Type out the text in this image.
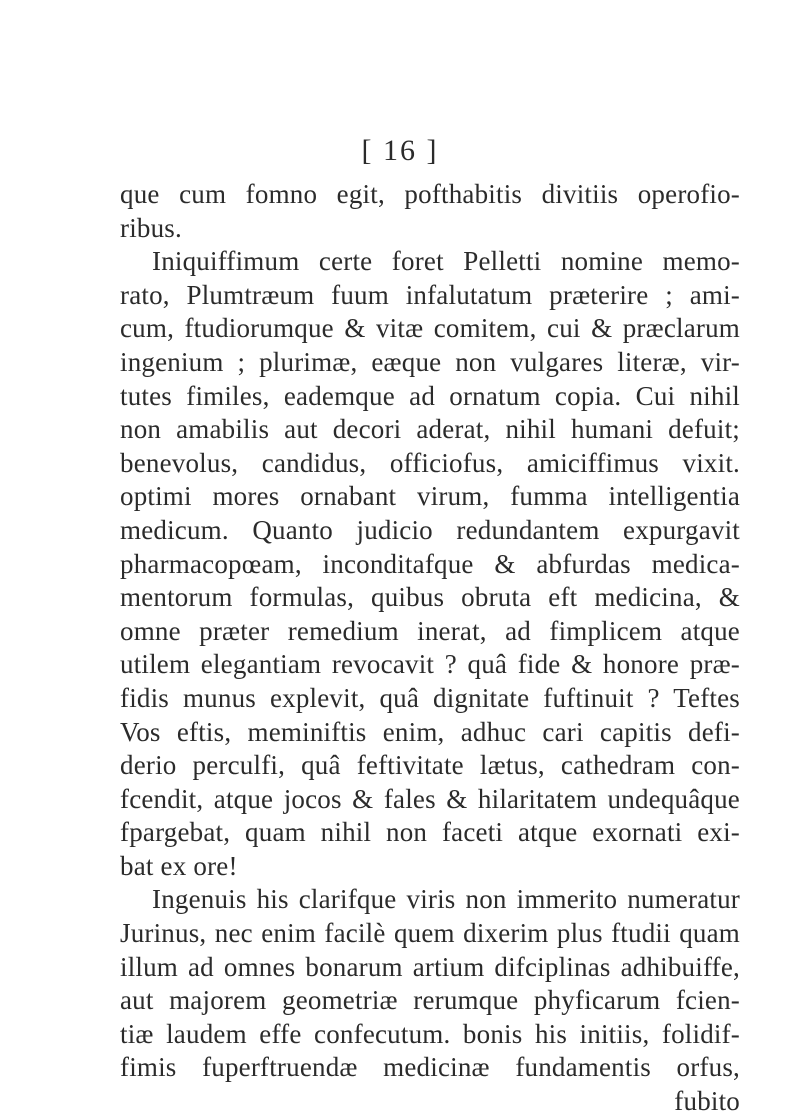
[ 16 ]
que cum fomno egit, pofthabitis divitiis operofio-
ribus.
Iniquiffimum certe foret Pelletti nomine memo-
rato, Plumtræum fuum infalutatum præterire ; ami-
cum, ftudiorumque & vitæ comitem, cui & præclarum
ingenium ; plurimæ, eæque non vulgares literæ, vir-
tutes fimiles, eademque ad ornatum copia. Cui nihil
non amabilis aut decori aderat, nihil humani defuit;
benevolus, candidus, officiofus, amiciffimus vixit.
optimi mores ornabant virum, fumma intelligentia
medicum. Quanto judicio redundantem expurgavit
pharmacopœam, inconditafque & abfurdas medica-
mentorum formulas, quibus obruta eft medicina, &
omne præter remedium inerat, ad fimplicem atque
utilem elegantiam revocavit ? quâ fide & honore præ-
fidis munus explevit, quâ dignitate fuftinuit ? Teftes
Vos eftis, meminiftis enim, adhuc cari capitis defi-
derio perculfi, quâ feftivitate lætus, cathedram con-
fcendit, atque jocos & fales & hilaritatem undequâque
fpargebat, quam nihil non faceti atque exornati exi-
bat ex ore!
Ingenuis his clarifque viris non immerito numeratur
Jurinus, nec enim facilè quem dixerim plus ftudii quam
illum ad omnes bonarum artium difciplinas adhibuiffe,
aut majorem geometriæ rerumque phyficarum fcien-
tiæ laudem effe confecutum. bonis his initiis, folidif-
fimis fuperftruendæ medicinæ fundamentis orfus,
fubito
